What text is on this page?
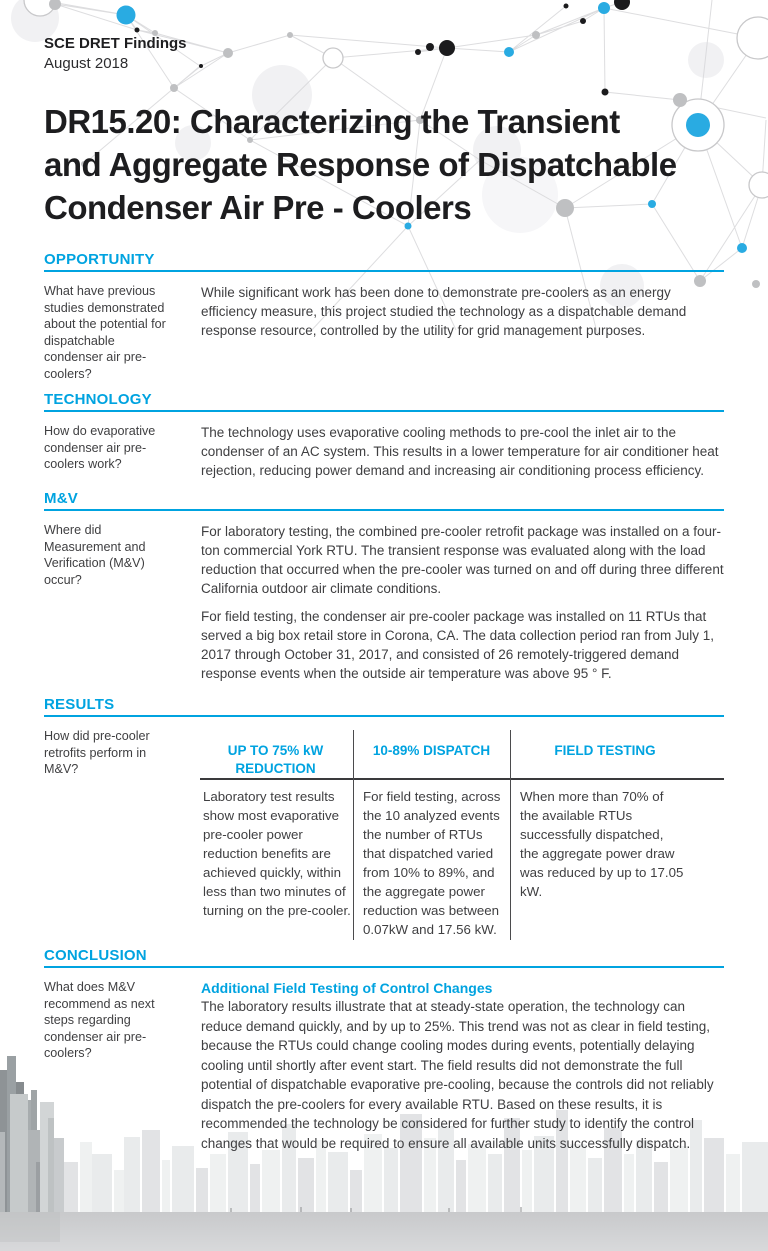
SCE DRET Findings
August 2018
DR15.20: Characterizing the Transient
and Aggregate Response of Dispatchable
Condenser Air Pre - Coolers
OPPORTUNITY
What have previous studies demonstrated about the potential for dispatchable condenser air pre-coolers?

While significant work has been done to demonstrate pre-coolers as an energy efficiency measure, this project studied the technology as a dispatchable demand response resource, controlled by the utility for grid management purposes.

TECHNOLOGY
How do evaporative condenser air pre-coolers work?

The technology uses evaporative cooling methods to pre-cool the inlet air to the condenser of an AC system. This results in a lower temperature for air conditioner heat rejection, reducing power demand and increasing air conditioning process efficiency.

M&V
Where did Measurement and Verification (M&V) occur?

For laboratory testing, the combined pre-cooler retrofit package was installed on a four-ton commercial York RTU. The transient response was evaluated along with the load reduction that occurred when the pre-cooler was turned on and off during three different California outdoor air climate conditions.

For field testing, the condenser air pre-cooler package was installed on 11 RTUs that served a big box retail store in Corona, CA. The data collection period ran from July 1, 2017 through October 31, 2017, and consisted of 26 remotely-triggered demand response events when the outside air temperature was above 95 ° F.

RESULTS
How did pre-cooler retrofits perform in M&V?
UP TO 75% kW REDUCTION
10-89% DISPATCH	FIELD TESTING
Laboratory test results show most evaporative pre-cooler power reduction benefits are achieved quickly, within less than two minutes of turning on the pre-cooler.
For field testing, across the 10 analyzed events the number of RTUs that dispatched varied from 10% to 89%, and the aggregate power reduction was between 0.07kW and 17.56 kW.
When more than 70% of the available RTUs successfully dispatched, the aggregate power draw was reduced by up to 17.05 kW.
CONCLUSION
What does M&V recommend as next steps regarding condenser air pre-coolers?
Additional Field Testing of Control Changes

The laboratory results illustrate that at steady-state operation, the technology can reduce demand quickly, and by up to 25%. This trend was not as clear in field testing, because the RTUs could change cooling modes during events, potentially delaying cooling until shortly after event start. The field results did not demonstrate the full potential of dispatchable evaporative pre-cooling, because the controls did not reliably dispatch the pre-coolers for every available RTU. Based on these results, it is recommended the technology be considered for further study to identify the control changes that would be required to ensure all available units successfully dispatch.
